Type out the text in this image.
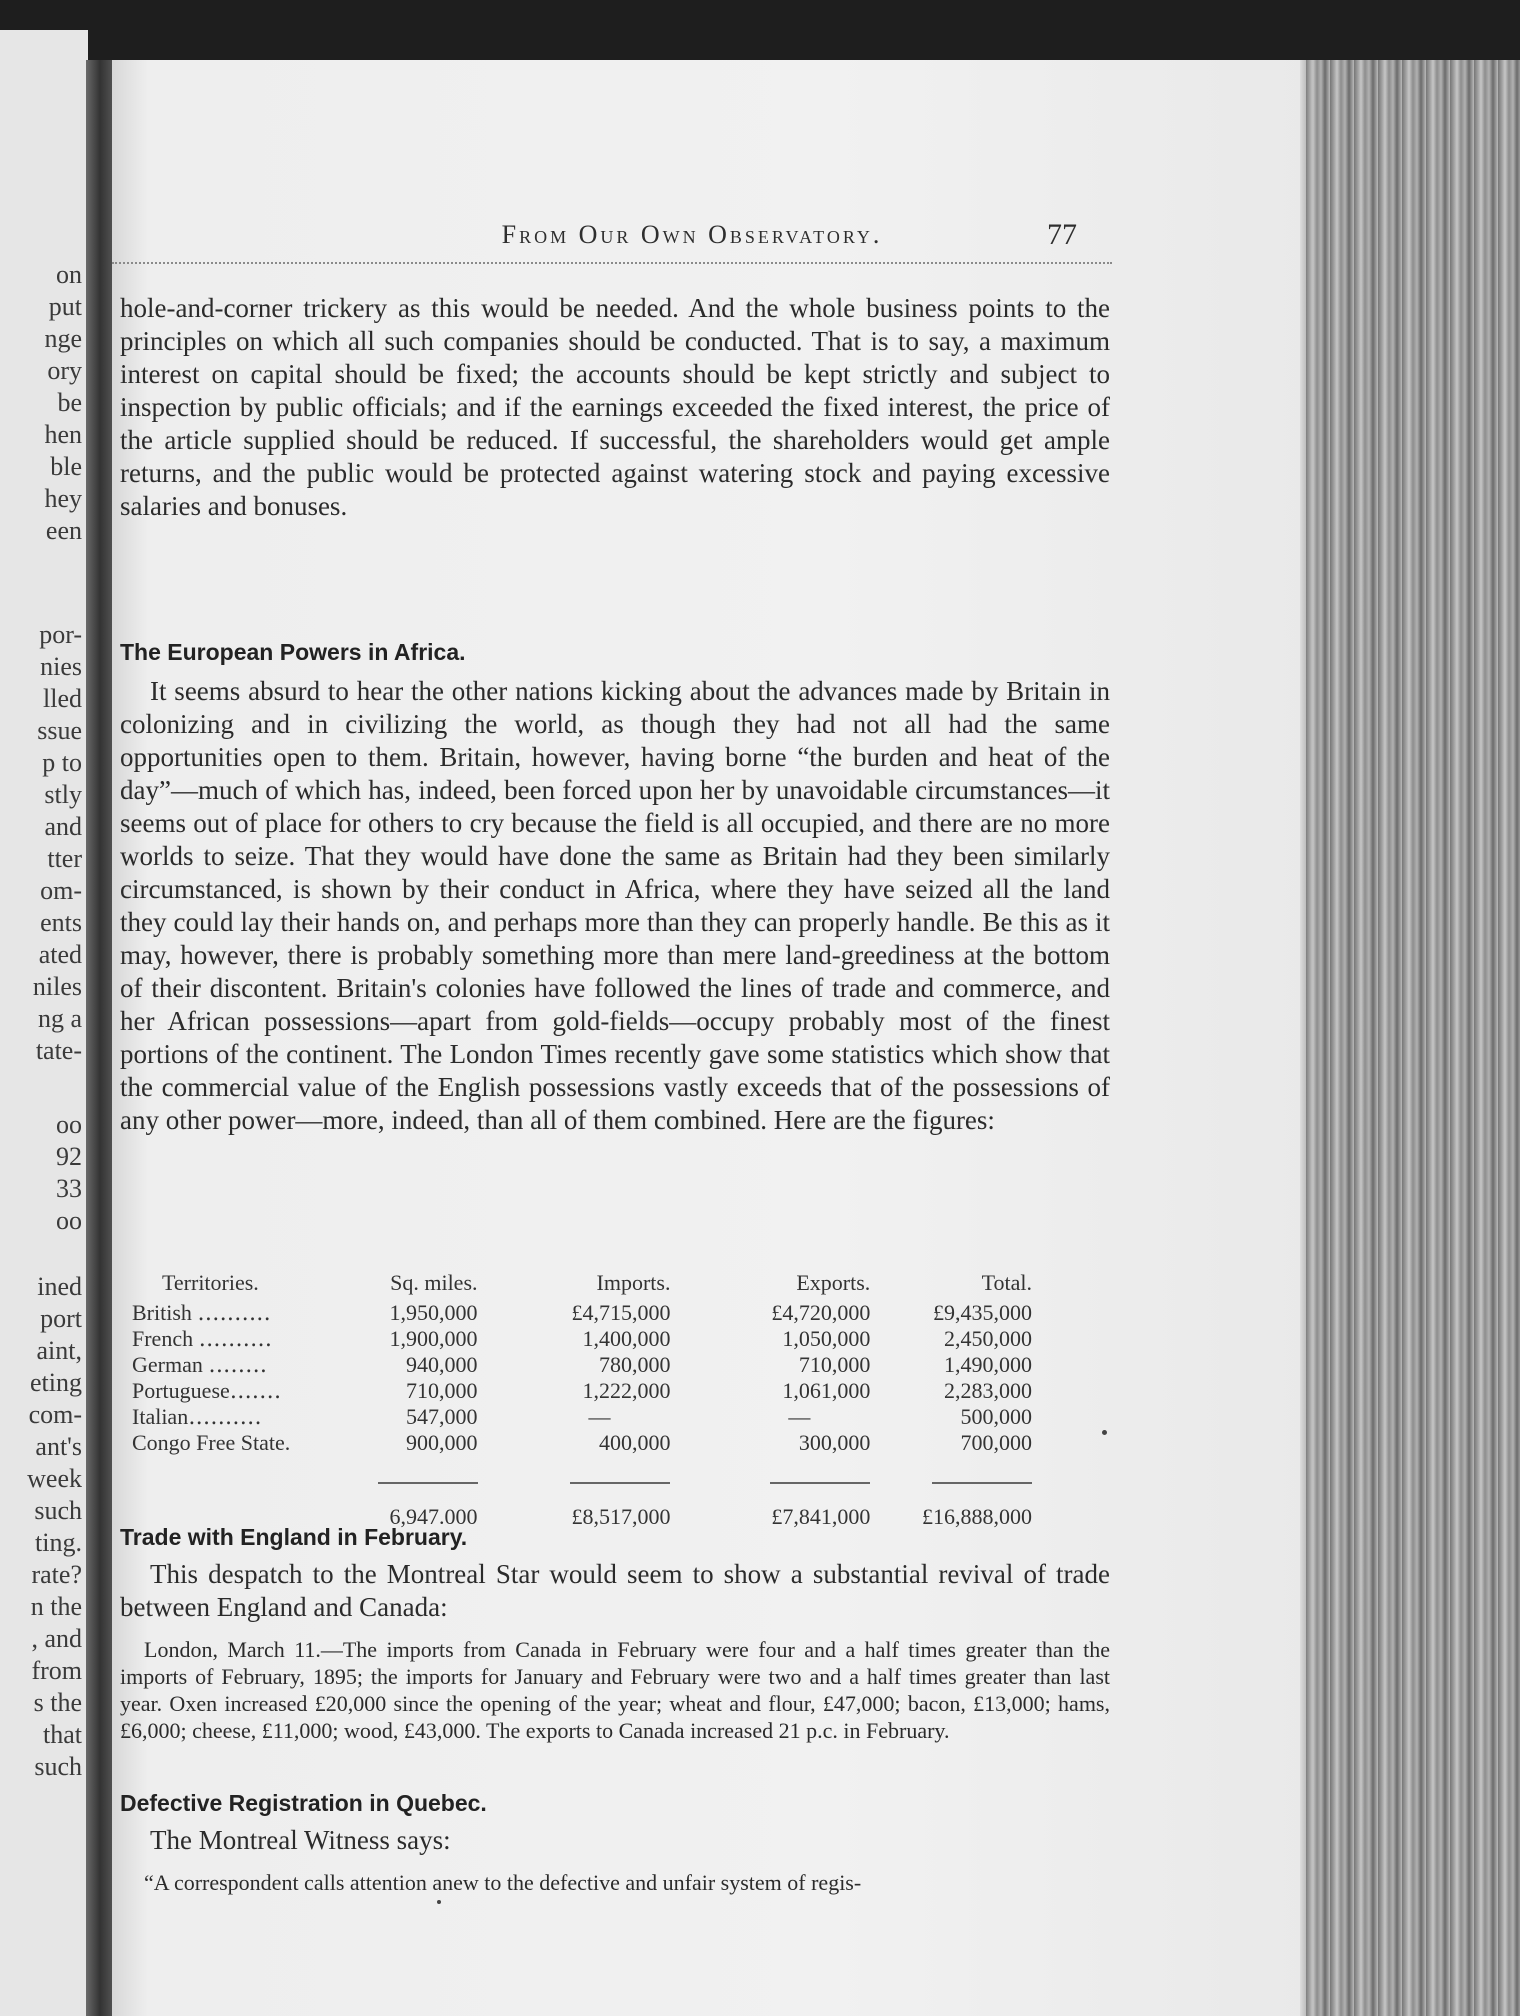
on
put
nge
ory
be
hen
ble
hey
een
por-
nies
lled
ssue
p to
stly
and
tter
om-
ents
ated
niles
ng a
tate-
oo
92
33
oo
ined
port
aint,
eting
com-
ant's
week
such
ting.
rate?
n the
, and
from
s the
that
such
From Our Own Observatory.	77

hole-and-corner trickery as this would be needed. And the whole business points to the principles on which all such companies should be conducted. That is to say, a maximum interest on capital should be fixed; the accounts should be kept strictly and subject to inspection by public officials; and if the earnings exceeded the fixed interest, the price of the article supplied should be reduced. If successful, the shareholders would get ample returns, and the public would be protected against watering stock and paying excessive salaries and bonuses.

The European Powers in Africa.

It seems absurd to hear the other nations kicking about the advances made by Britain in colonizing and in civilizing the world, as though they had not all had the same opportunities open to them. Britain, however, having borne “the burden and heat of the day”—much of which has, indeed, been forced upon her by unavoidable circumstances—it seems out of place for others to cry because the field is all occupied, and there are no more worlds to seize. That they would have done the same as Britain had they been similarly circumstanced, is shown by their conduct in Africa, where they have seized all the land they could lay their hands on, and perhaps more than they can properly handle. Be this as it may, however, there is probably something more than mere land-greediness at the bottom of their discontent. Britain's colonies have followed the lines of trade and commerce, and her African possessions—apart from gold-fields—occupy probably most of the finest portions of the continent. The London Times recently gave some statistics which show that the commercial value of the English possessions vastly exceeds that of the possessions of any other power—more, indeed, than all of them combined. Here are the figures:

Territories.	Sq. miles.	Imports.	Exports.	Total.
British ․․․․․․․․․․	1,950,000	£4,715,000	£4,720,000	£9,435,000
French ․․․․․․․․․․	1,900,000	1,400,000	1,050,000	2,450,000
German ․․․․․․․․	940,000	780,000	710,000	1,490,000
Portuguese․․․․․․․	710,000	1,222,000	1,061,000	2,283,000
Italian․․․․․․․․․․	547,000	—	—	500,000
Congo Free State.	900,000	400,000	300,000	700,000

	6,947.000	£8,517,000	£7,841,000	£16,888,000

Trade with England in February.

This despatch to the Montreal Star would seem to show a substantial revival of trade between England and Canada:

London, March 11.—The imports from Canada in February were four and a half times greater than the imports of February, 1895; the imports for January and February were two and a half times greater than last year. Oxen increased £20,000 since the opening of the year; wheat and flour, £47,000; bacon, £13,000; hams, £6,000; cheese, £11,000; wood, £43,000. The exports to Canada increased 21 p.c. in February.

Defective Registration in Quebec.

The Montreal Witness says:

“A correspondent calls attention anew to the defective and unfair system of regis-
